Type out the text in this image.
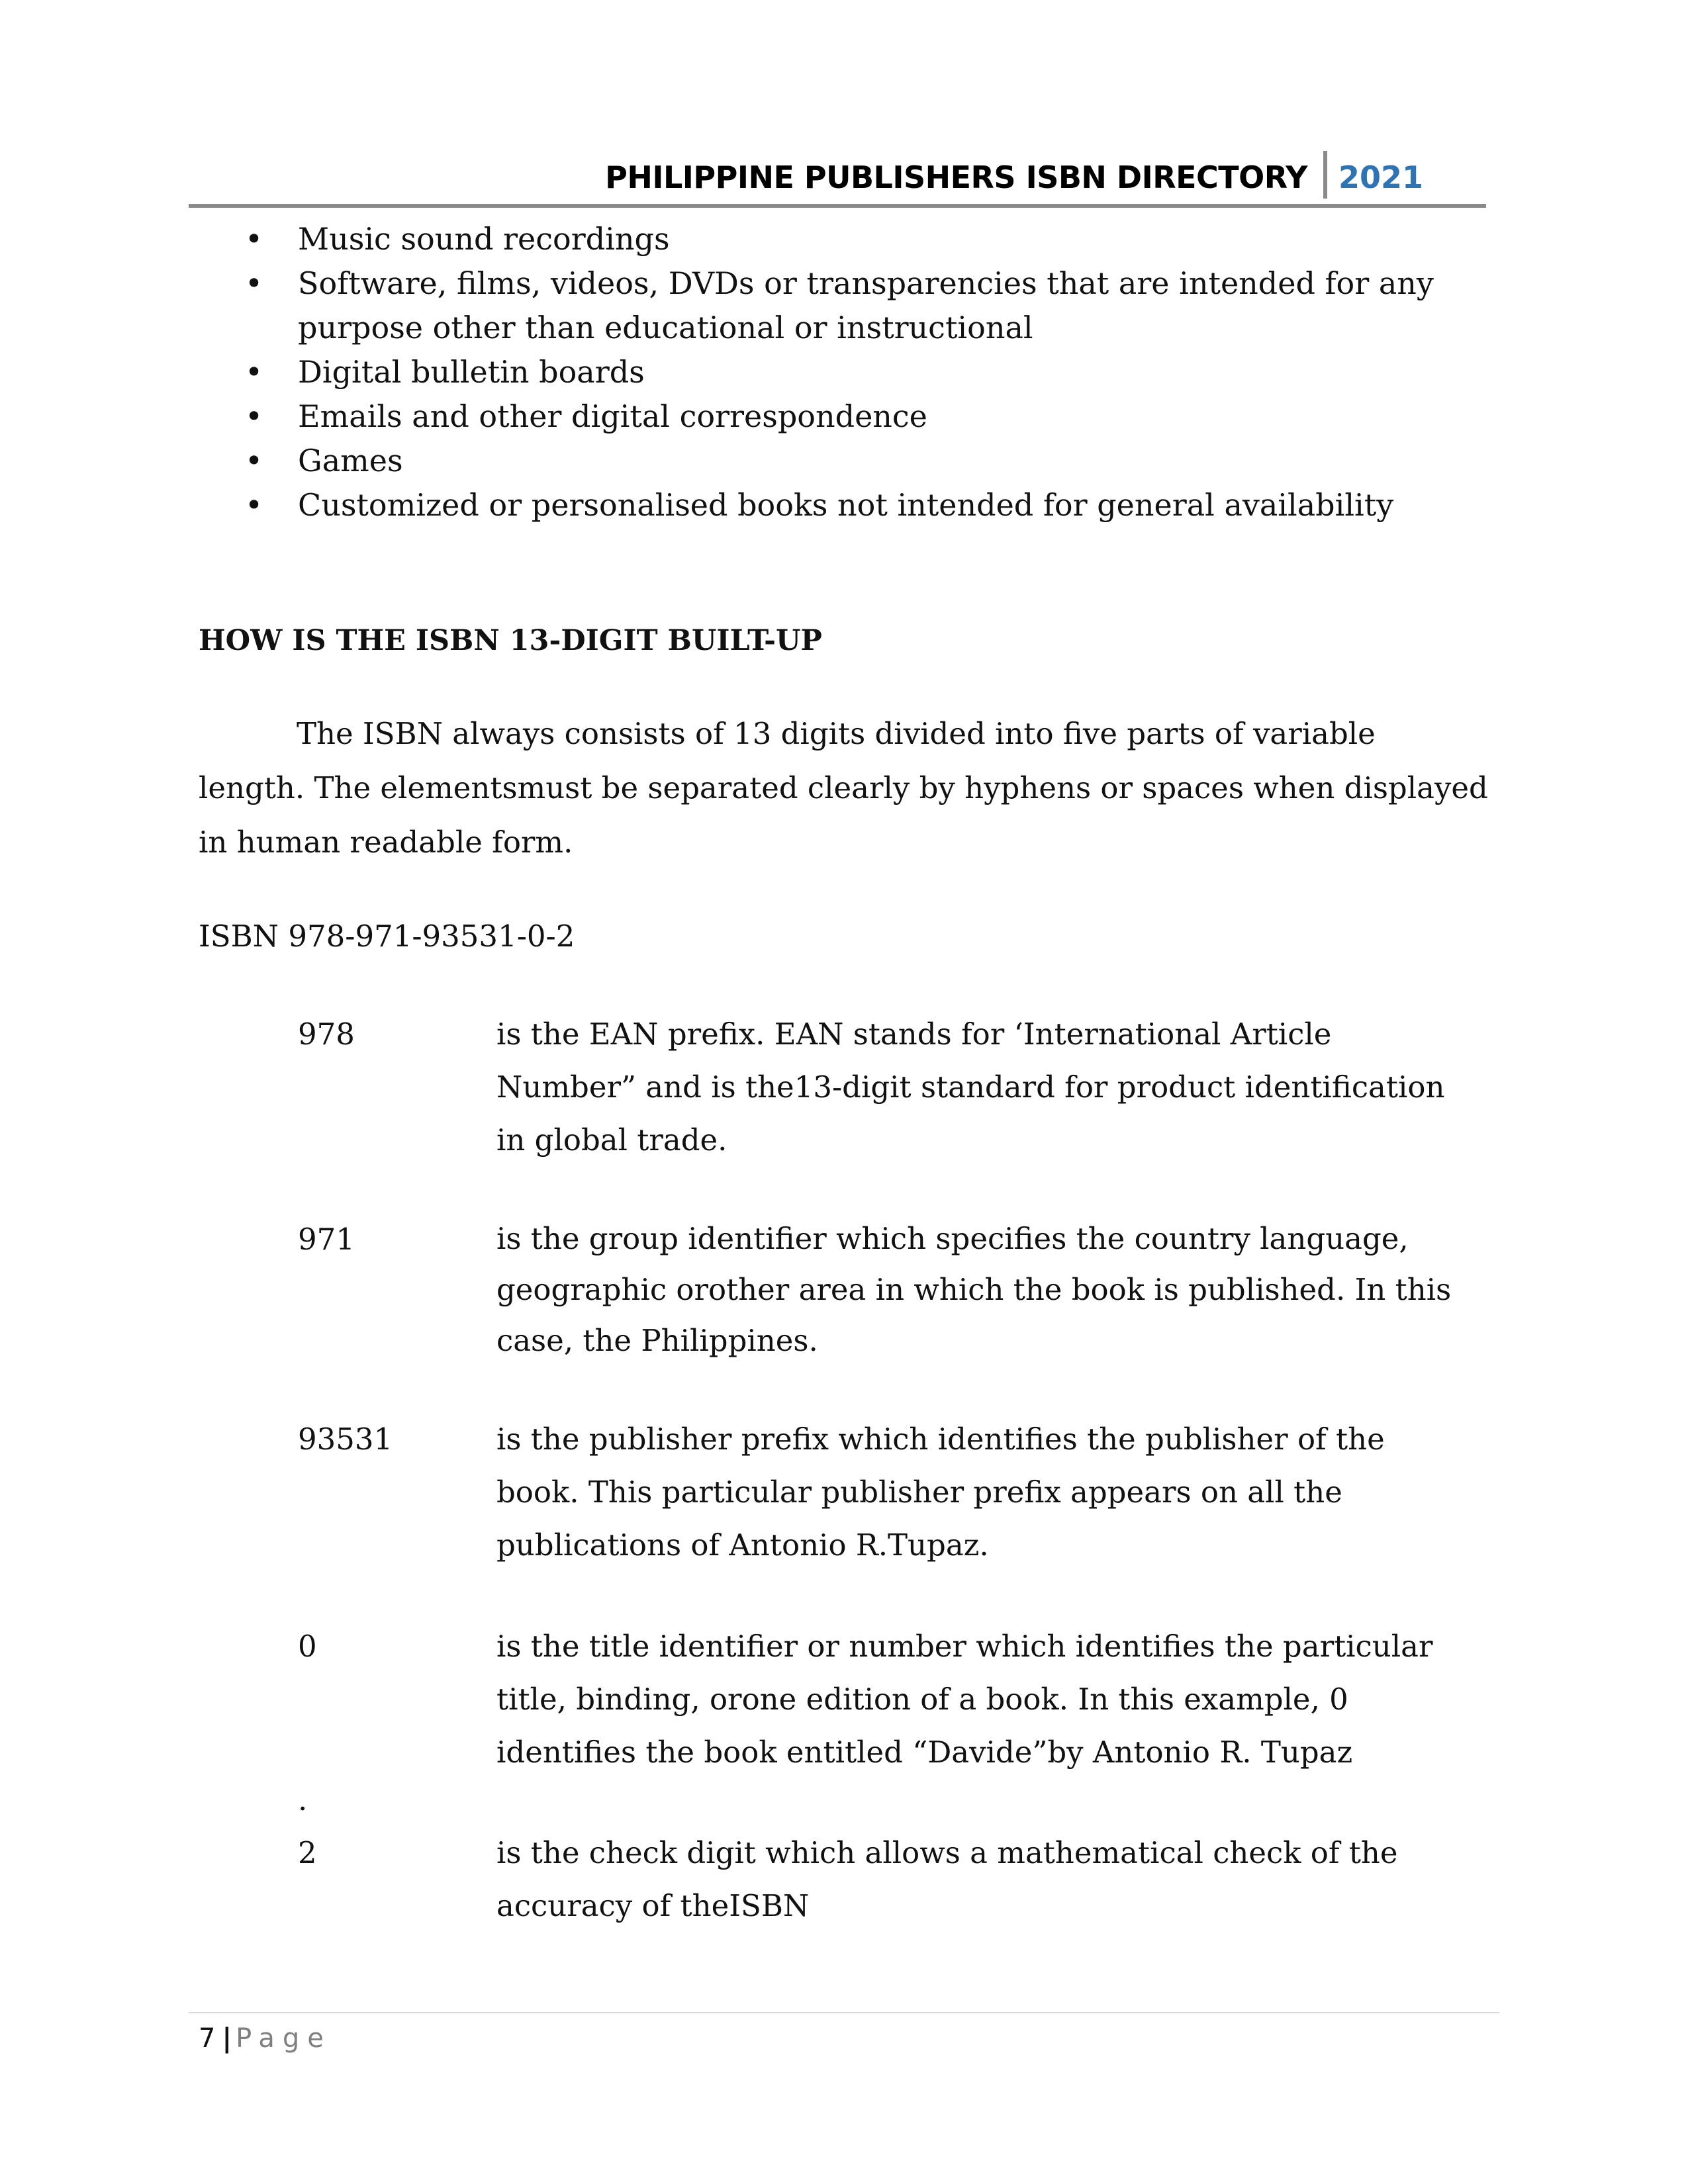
PHILIPPINE PUBLISHERS ISBN DIRECTORY 2021
• Music sound recordings
• Software, films, videos, DVDs or transparencies that are intended for any purpose other than educational or instructional
• Digital bulletin boards
• Emails and other digital correspondence
• Games
• Customized or personalised books not intended for general availability
HOW IS THE ISBN 13-DIGIT BUILT-UP

The ISBN always consists of 13 digits divided into five parts of variable length. The elementsmust be separated clearly by hyphens or spaces when displayed in human readable form.

ISBN 978-971-93531-0-2
978	is the EAN prefix. EAN stands for ‘International Article Number” and is the13-digit standard for product identification in global trade.
971	is the group identifier which specifies the country language, geographic orother area in which the book is published. In this case, the Philippines.
93531	is the publisher prefix which identifies the publisher of the book. This particular publisher prefix appears on all the publications of Antonio R.Tupaz.
0	is the title identifier or number which identifies the particular title, binding, orone edition of a book. In this example, 0 identifies the book entitled “Davide”by Antonio R. Tupaz
.
2	is the check digit which allows a mathematical check of the accuracy of theISBN
7 | Page
